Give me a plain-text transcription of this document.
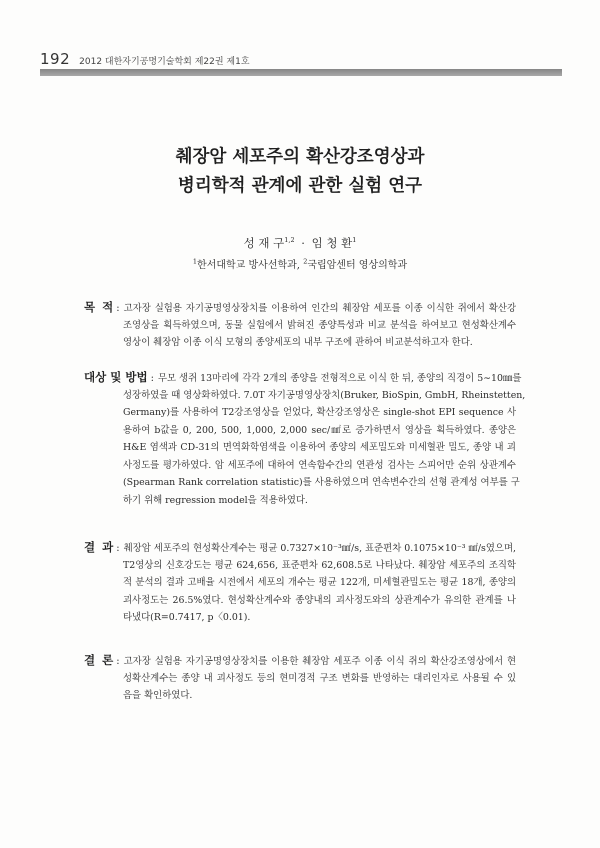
192 2012 대한자기공명기술학회 제22권 제1호
췌장암 세포주의 확산강조영상과
병리학적 관계에 관한 실험 연구
성 재 구$^{1,2}$ · 임 청 환$^1$
$^1$한서대학교 방사선학과, $^2$국립암센터 영상의학과
목 적 : 고자장 실험용 자기공명영상장치를 이용하여 인간의 췌장암 세포를 이종 이식한 쥐에서 확산강
조영상을 획득하였으며, 동물 실험에서 밝혀진 종양특성과 비교 분석을 하여보고 현성확산계수
영상이 췌장암 이종 이식 모형의 종양세포의 내부 구조에 관하여 비교분석하고자 한다.
대상 및 방법 : 무모 생쥐 13마리에 각각 2개의 종양을 전형적으로 이식 한 뒤, 종양의 직경이 5∼10㎜를
성장하였을 때 영상화하였다. 7.0T 자기공명영상장치(Bruker, BioSpin, GmbH, Rheinstetten,
Germany)를 사용하여 T2강조영상을 얻었다, 확산강조영상은 single-shot EPI sequence 사
용하여 b값을 0, 200, 500, 1,000, 2,000 sec/㎟로 증가하면서 영상을 획득하였다. 종양은
H&E 염색과 CD-31의 면역화학염색을 이용하여 종양의 세포밀도와 미세혈관 밀도, 종양 내 괴
사정도를 평가하였다. 암 세포주에 대하여 연속함수간의 연관성 검사는 스피어만 순위 상관계수
(Spearman Rank correlation statistic)를 사용하였으며 연속변수간의 선형 관계성 여부를 구
하기 위해 regression model을 적용하였다.
결 과 : 췌장암 세포주의 현성확산계수는 평균 0.7327×10⁻³㎟/s, 표준편차 0.1075×10⁻³ ㎟/s였으며,
T2영상의 신호강도는 평균 624,656, 표준편차 62,608.5로 나타났다. 췌장암 세포주의 조직학
적 분석의 결과 고배율 시전에서 세포의 개수는 평균 122개, 미세혈관밀도는 평균 18개, 종양의
괴사정도는 26.5%였다. 현성확산계수와 종양내의 괴사정도와의 상관계수가 유의한 관계를 나
타냈다(R=0.7417, p〈0.01).
결 론 : 고자장 실험용 자기공명영상장치를 이용한 췌장암 세포주 이종 이식 쥐의 확산강조영상에서 현
성확산계수는 종양 내 괴사정도 등의 현미경적 구조 변화를 반영하는 대리인자로 사용될 수 있
음을 확인하였다.
